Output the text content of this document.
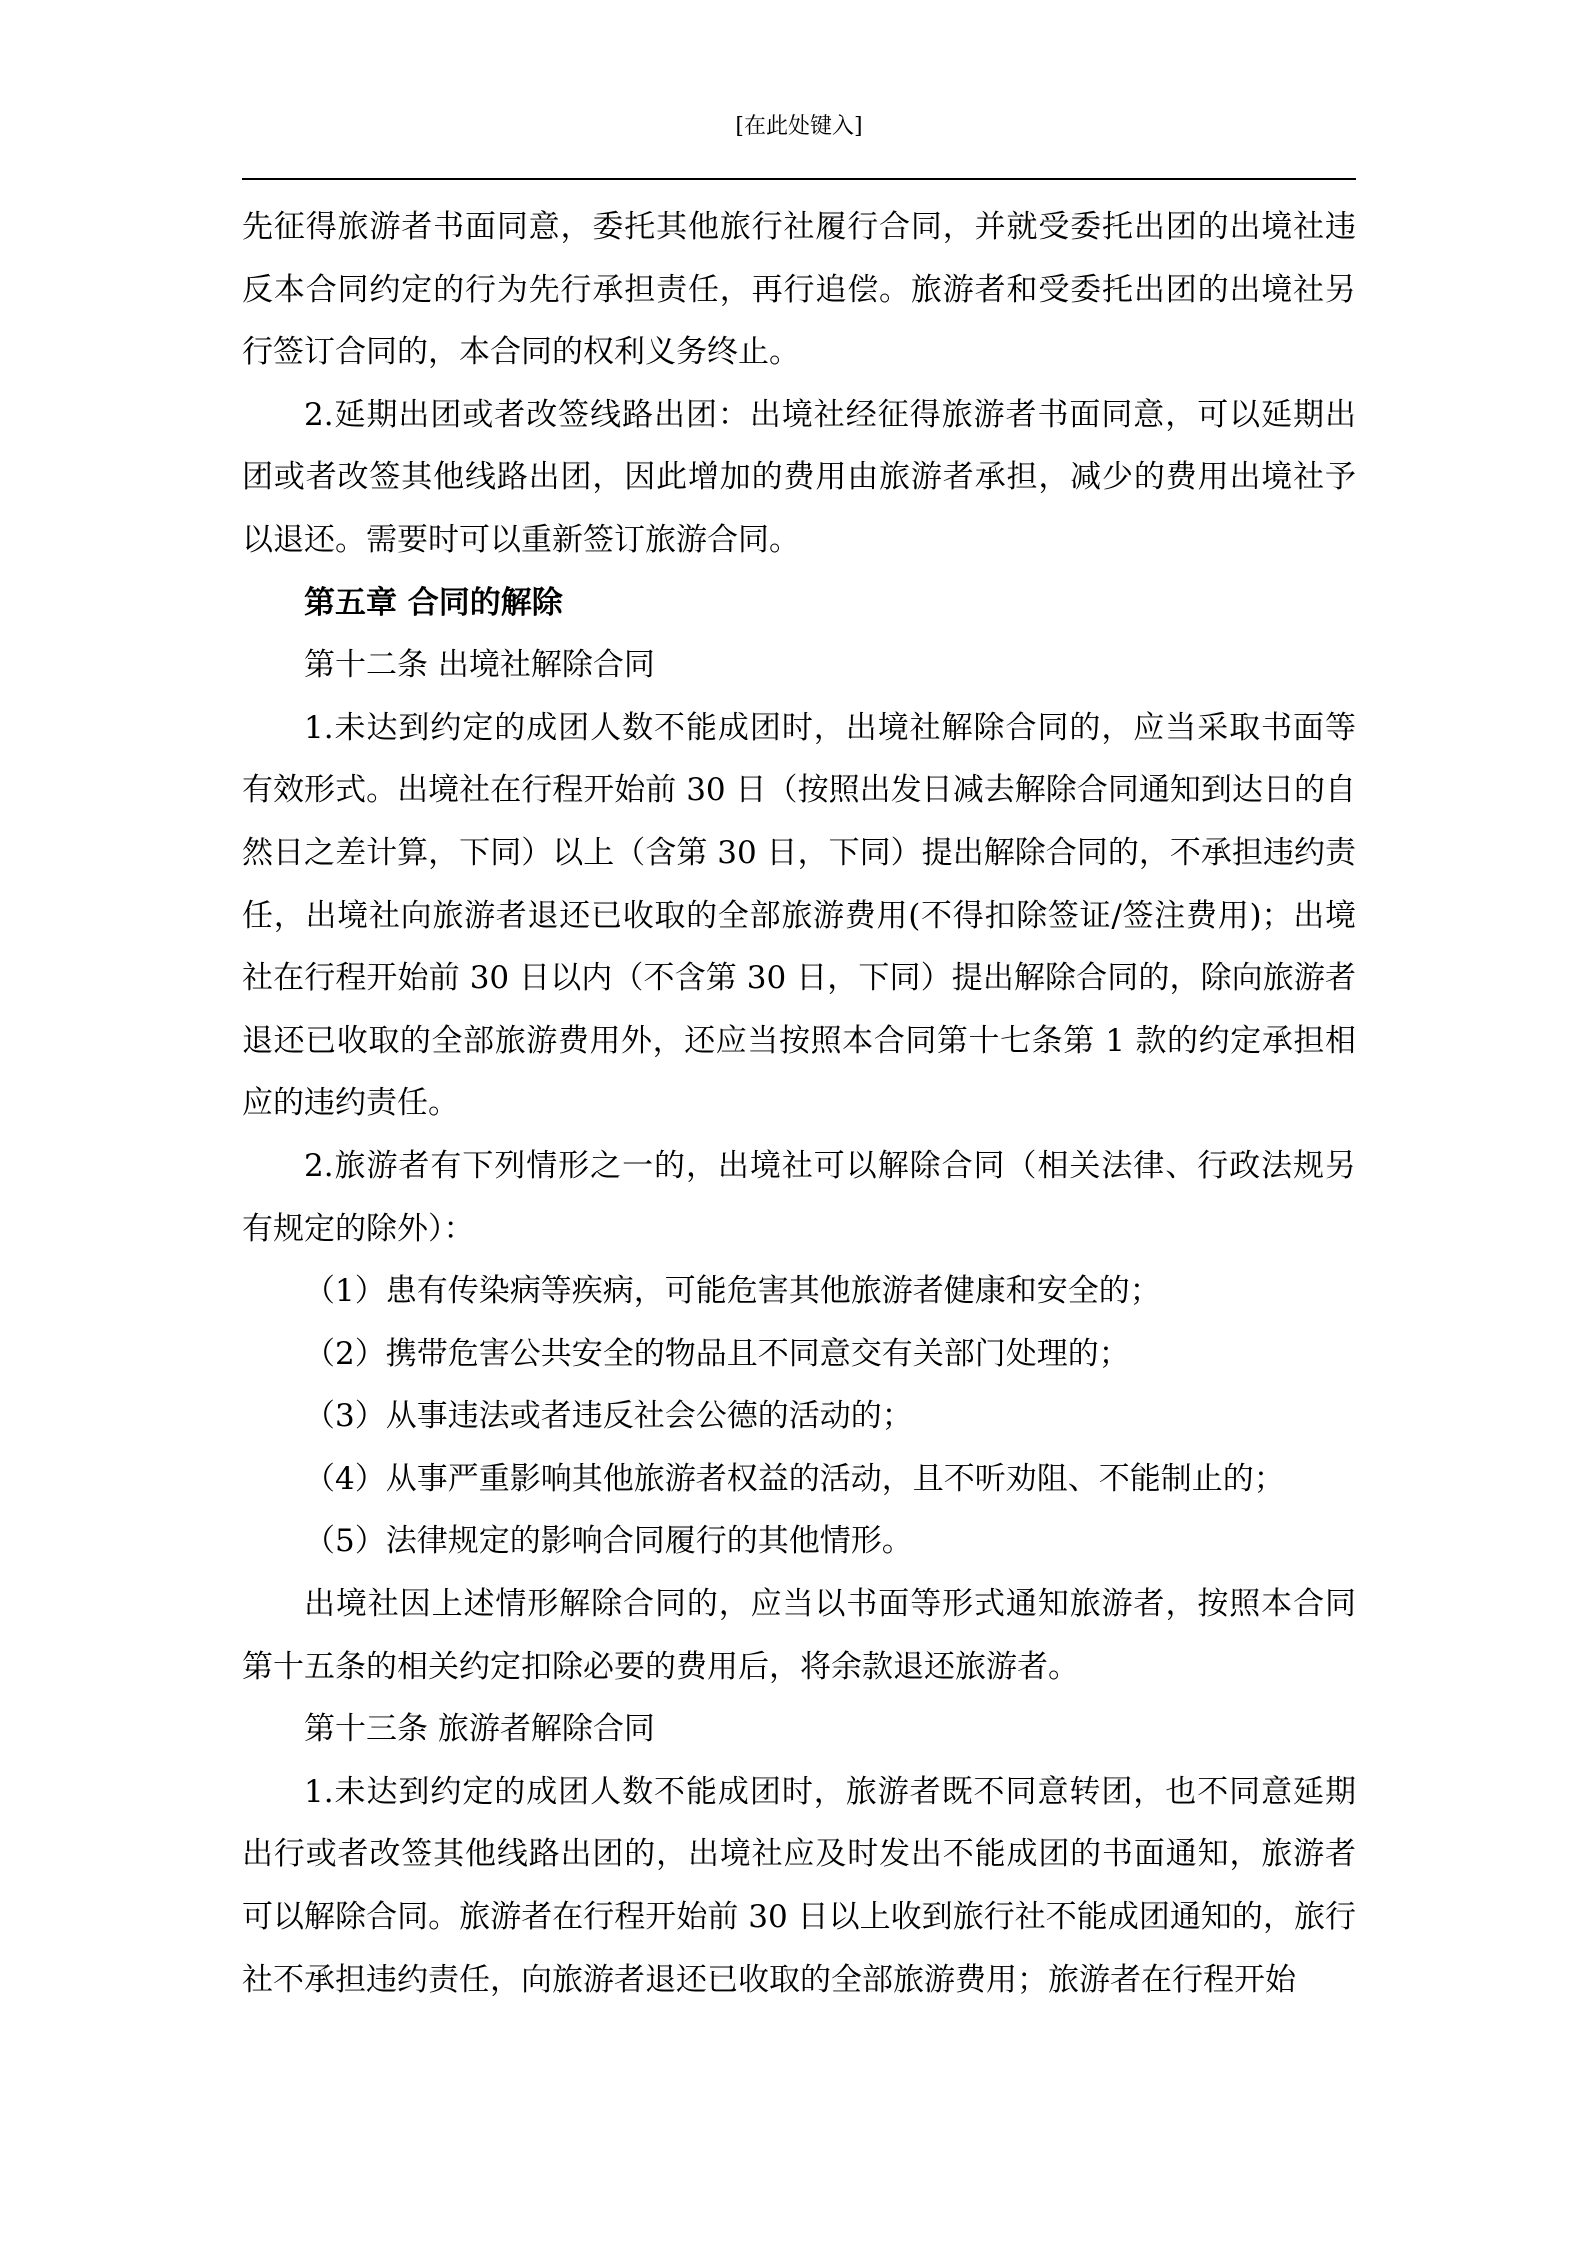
[在此处键入]

先征得旅游者书面同意，委托其他旅行社履行合同，并就受委托出团的出境社违反本合同约定的行为先行承担责任，再行追偿。旅游者和受委托出团的出境社另行签订合同的，本合同的权利义务终止。

2.延期出团或者改签线路出团：出境社经征得旅游者书面同意，可以延期出团或者改签其他线路出团，因此增加的费用由旅游者承担，减少的费用出境社予以退还。需要时可以重新签订旅游合同。

第五章 合同的解除

第十二条 出境社解除合同

1.未达到约定的成团人数不能成团时，出境社解除合同的，应当采取书面等有效形式。出境社在行程开始前 30 日（按照出发日减去解除合同通知到达日的自然日之差计算，下同）以上（含第 30 日，下同）提出解除合同的，不承担违约责任，出境社向旅游者退还已收取的全部旅游费用(不得扣除签证/签注费用)；出境社在行程开始前 30 日以内（不含第 30 日，下同）提出解除合同的，除向旅游者退还已收取的全部旅游费用外，还应当按照本合同第十七条第 1 款的约定承担相应的违约责任。

2.旅游者有下列情形之一的，出境社可以解除合同（相关法律、行政法规另有规定的除外）：

（1）患有传染病等疾病，可能危害其他旅游者健康和安全的；

（2）携带危害公共安全的物品且不同意交有关部门处理的；

（3）从事违法或者违反社会公德的活动的；

（4）从事严重影响其他旅游者权益的活动，且不听劝阻、不能制止的；

（5）法律规定的影响合同履行的其他情形。

出境社因上述情形解除合同的，应当以书面等形式通知旅游者，按照本合同第十五条的相关约定扣除必要的费用后，将余款退还旅游者。

第十三条 旅游者解除合同

1.未达到约定的成团人数不能成团时，旅游者既不同意转团，也不同意延期出行或者改签其他线路出团的，出境社应及时发出不能成团的书面通知，旅游者可以解除合同。旅游者在行程开始前 30 日以上收到旅行社不能成团通知的，旅行社不承担违约责任，向旅游者退还已收取的全部旅游费用；旅游者在行程开始
